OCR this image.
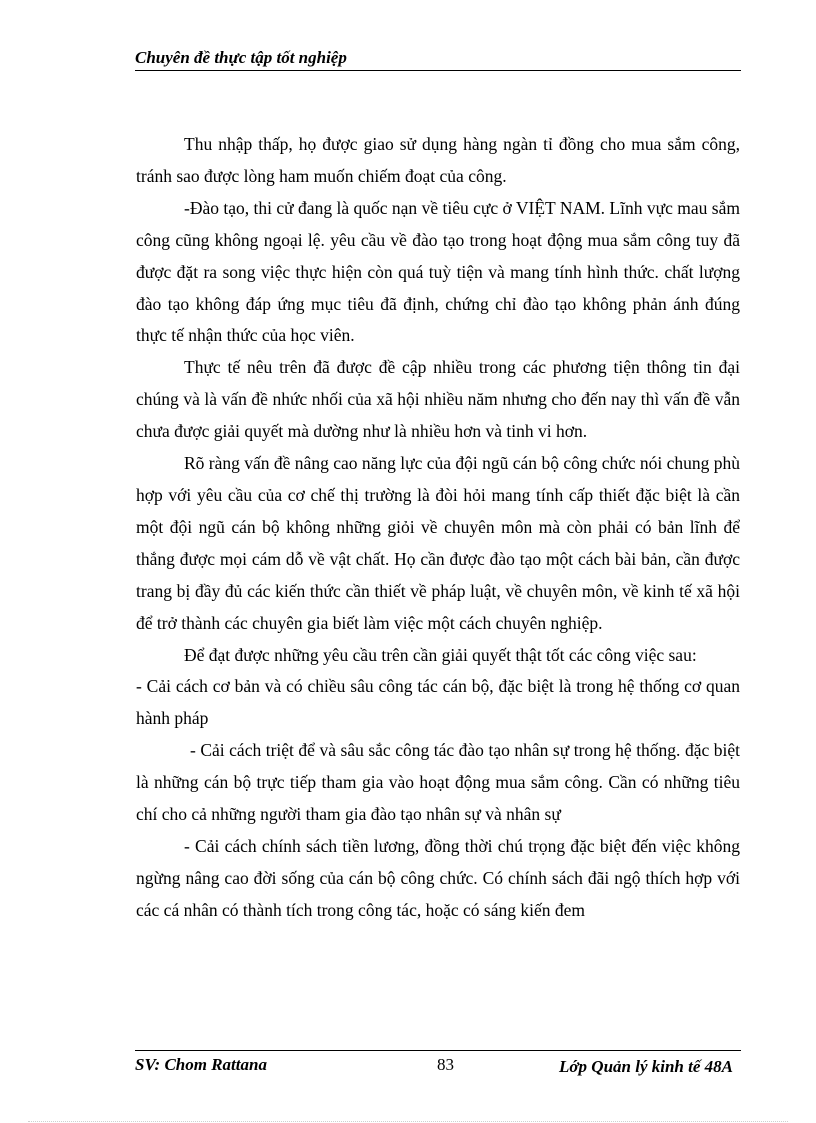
Chuyên đề thực tập tốt nghiệp

Thu nhập thấp, họ được giao sử dụng hàng ngàn tỉ đồng cho mua sắm công, tránh sao được lòng ham muốn chiếm đoạt của công.

-Đào tạo, thi cử đang là quốc nạn về tiêu cực ở VIỆT NAM. Lĩnh vực mau sắm công cũng không ngoại lệ. yêu cầu về đào tạo trong hoạt động mua sắm công tuy đã được đặt ra song việc thực hiện còn quá tuỳ tiện và mang tính hình thức. chất lượng đào tạo không đáp ứng mục tiêu đã định, chứng chỉ đào tạo không phản ánh đúng thực tế nhận thức của học viên.

Thực tế nêu trên đã được đề cập nhiều trong các phương tiện thông tin đại chúng và là vấn đề nhức nhối của xã hội nhiều năm nhưng cho đến nay thì vấn đề vẫn chưa được giải quyết mà dường như là nhiều hơn và tinh vi hơn.

Rõ ràng vấn đề nâng cao năng lực của đội ngũ cán bộ công chức nói chung phù hợp với yêu cầu của cơ chế thị trường là đòi hỏi mang tính cấp thiết đặc biệt là cần một đội ngũ cán bộ không những giỏi về chuyên môn mà còn phải có bản lĩnh để thắng được mọi cám dỗ về vật chất. Họ cần được đào tạo một cách bài bản, cần được trang bị đầy đủ các kiến thức cần thiết về pháp luật, về chuyên môn, về kinh tế xã hội để trở thành các chuyên gia biết làm việc một cách chuyên nghiệp.

Để đạt được những yêu cầu trên cần giải quyết thật tốt các công việc sau:

- Cải cách cơ bản và có chiều sâu công tác cán bộ, đặc biệt là trong hệ thống cơ quan hành pháp

- Cải cách triệt để và sâu sắc công tác đào tạo nhân sự trong hệ thống. đặc biệt là những cán bộ trực tiếp tham gia vào hoạt động mua sắm công. Cần có những tiêu chí cho cả những người tham gia đào tạo nhân sự và nhân sự

- Cải cách chính sách tiền lương, đồng thời chú trọng đặc biệt đến việc không ngừng nâng cao đời sống của cán bộ công chức. Có chính sách đãi ngộ thích hợp với các cá nhân có thành tích trong công tác, hoặc có sáng kiến đem

SV: Chom Rattana	83	Lớp Quản lý kinh tế 48A
